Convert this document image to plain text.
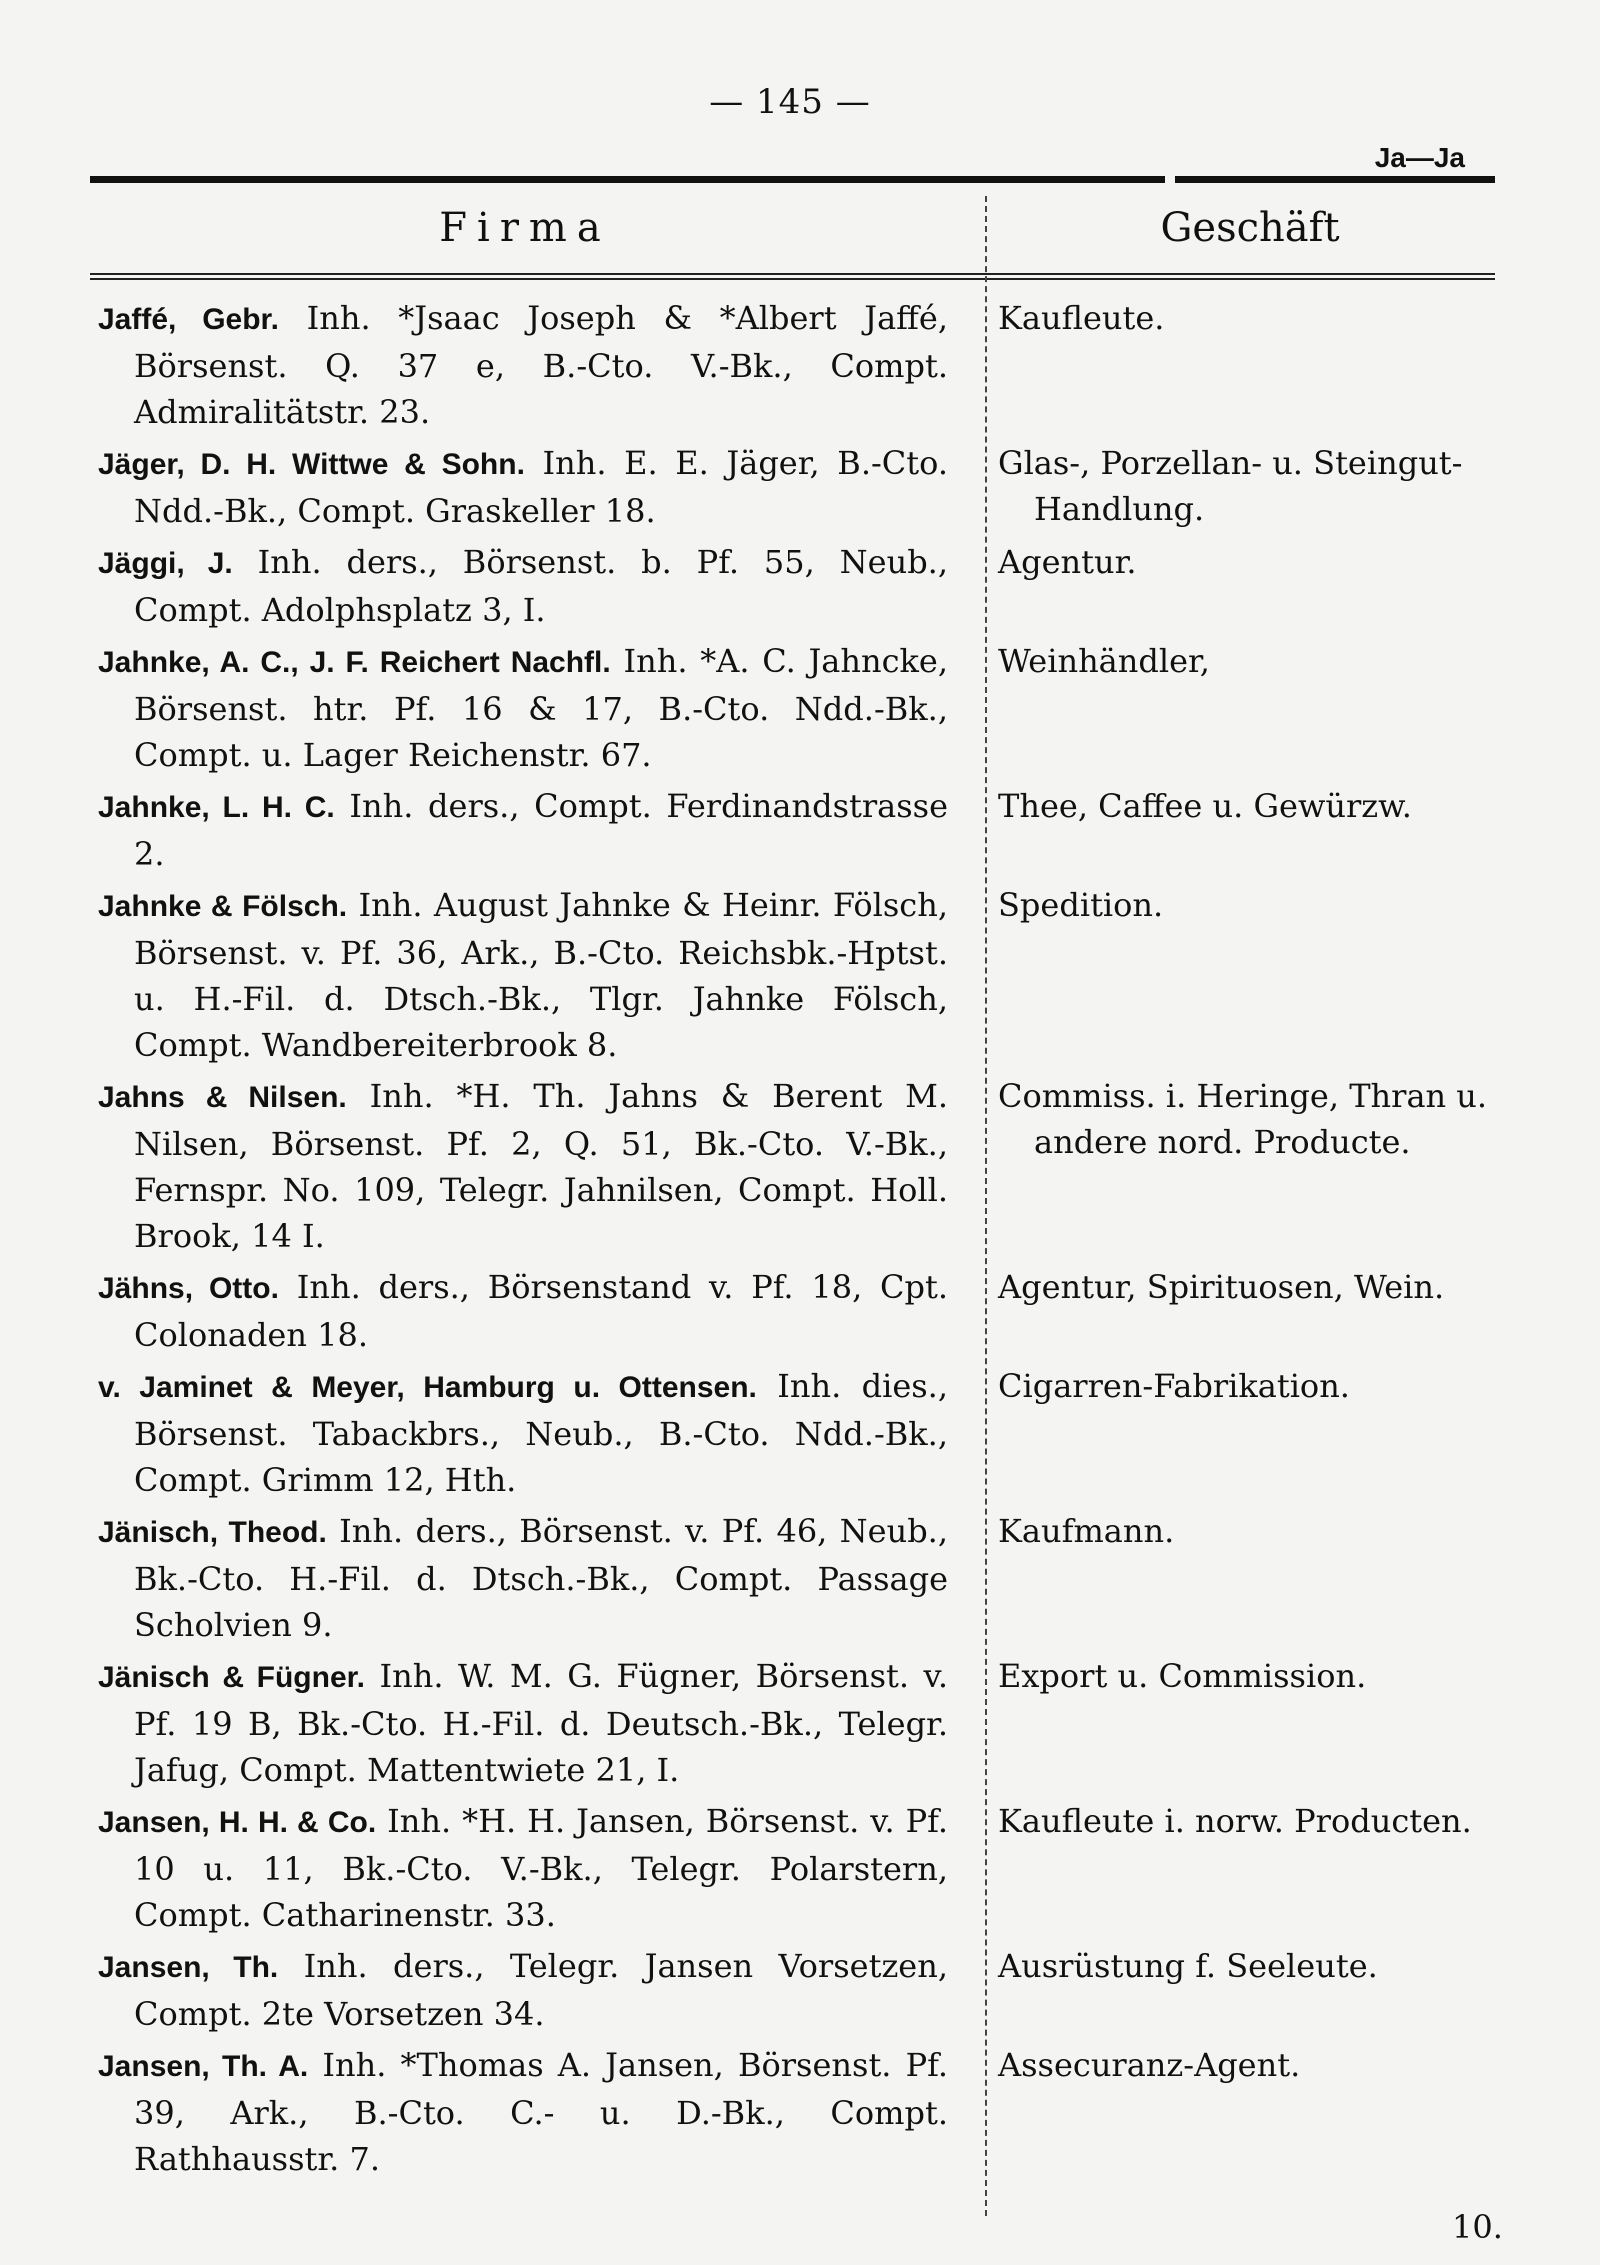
— 145 —
Ja—Ja
Firma	Geschäft
Jaffé, Gebr. Inh. *Jsaac Joseph & *Albert Jaffé, Börsenst. Q. 37 e, B.-Cto. V.-Bk., Compt. Admiralitätstr. 23.
Kaufleute.
Jäger, D. H. Wittwe & Sohn. Inh. E. E. Jäger, B.-Cto. Ndd.-Bk., Compt. Graskeller 18.
Glas-, Porzellan- u. Steingut-Handlung.
Jäggi, J. Inh. ders., Börsenst. b. Pf. 55, Neub., Compt. Adolphsplatz 3, I.
Agentur.
Jahnke, A. C., J. F. Reichert Nachfl. Inh. *A. C. Jahncke, Börsenst. htr. Pf. 16 & 17, B.-Cto. Ndd.-Bk., Compt. u. Lager Reichenstr. 67.
Weinhändler,
Jahnke, L. H. C. Inh. ders., Compt. Ferdinandstrasse 2.
Thee, Caffee u. Gewürzw.
Jahnke & Fölsch. Inh. August Jahnke & Heinr. Fölsch, Börsenst. v. Pf. 36, Ark., B.-Cto. Reichsbk.-Hptst. u. H.-Fil. d. Dtsch.-Bk., Tlgr. Jahnke Fölsch, Compt. Wandbereiterbrook 8.
Spedition.
Jahns & Nilsen. Inh. *H. Th. Jahns & Berent M. Nilsen, Börsenst. Pf. 2, Q. 51, Bk.-Cto. V.-Bk., Fernspr. No. 109, Telegr. Jahnilsen, Compt. Holl. Brook, 14 I.
Commiss. i. Heringe, Thran u. andere nord. Producte.
Jähns, Otto. Inh. ders., Börsenstand v. Pf. 18, Cpt. Colonaden 18.
Agentur, Spirituosen, Wein.
v. Jaminet & Meyer, Hamburg u. Ottensen. Inh. dies., Börsenst. Tabackbrs., Neub., B.-Cto. Ndd.-Bk., Compt. Grimm 12, Hth.
Cigarren-Fabrikation.
Jänisch, Theod. Inh. ders., Börsenst. v. Pf. 46, Neub., Bk.-Cto. H.-Fil. d. Dtsch.-Bk., Compt. Passage Scholvien 9.
Kaufmann.
Jänisch & Fügner. Inh. W. M. G. Fügner, Börsenst. v. Pf. 19 B, Bk.-Cto. H.-Fil. d. Deutsch.-Bk., Telegr. Jafug, Compt. Mattentwiete 21, I.
Export u. Commission.
Jansen, H. H. & Co. Inh. *H. H. Jansen, Börsenst. v. Pf. 10 u. 11, Bk.-Cto. V.-Bk., Telegr. Polarstern, Compt. Catharinenstr. 33.
Kaufleute i. norw. Producten.
Jansen, Th. Inh. ders., Telegr. Jansen Vorsetzen, Compt. 2te Vorsetzen 34.
Ausrüstung f. Seeleute.
Jansen, Th. A. Inh. *Thomas A. Jansen, Börsenst. Pf. 39, Ark., B.-Cto. C.- u. D.-Bk., Compt. Rathhausstr. 7.
Assecuranz-Agent.
10.
